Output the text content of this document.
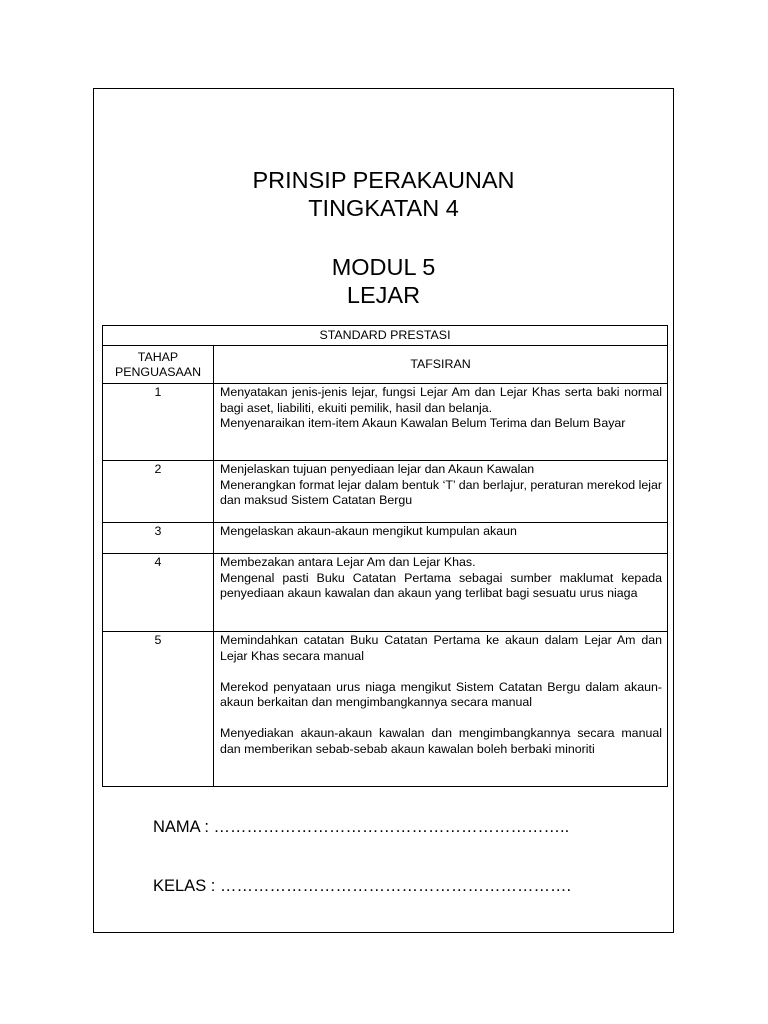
PRINSIP PERAKAUNAN
TINGKATAN 4
MODUL 5
LEJAR
STANDARD PRESTASI	
TAHAP
PENGUASAAN	TAFSIRAN
1	Menyatakan jenis-jenis lejar, fungsi Lejar Am dan Lejar Khas serta baki normal bagi aset, liabiliti, ekuiti pemilik, hasil dan belanja.

Menyenaraikan item-item Akaun Kawalan Belum Terima dan Belum Bayar

2	Menjelaskan tujuan penyediaan lejar dan Akaun Kawalan

Menerangkan format lejar dalam bentuk ‘T’ dan berlajur, peraturan merekod lejar dan maksud Sistem Catatan Bergu

3	Mengelaskan akaun-akaun mengikut kumpulan akaun

4	Membezakan antara Lejar Am dan Lejar Khas.

Mengenal pasti Buku Catatan Pertama sebagai sumber maklumat kepada penyediaan akaun kawalan dan akaun yang terlibat bagi sesuatu urus niaga

5	Memindahkan catatan Buku Catatan Pertama ke akaun dalam Lejar Am dan Lejar Khas secara manual

Merekod penyataan urus niaga mengikut Sistem Catatan Bergu dalam akaun-akaun berkaitan dan mengimbangkannya secara manual

Menyediakan akaun-akaun kawalan dan mengimbangkannya secara manual dan memberikan sebab-sebab akaun kawalan boleh berbaki minoriti

NAMA : ………………………………………………………..
KELAS : ……………………………………………………….
